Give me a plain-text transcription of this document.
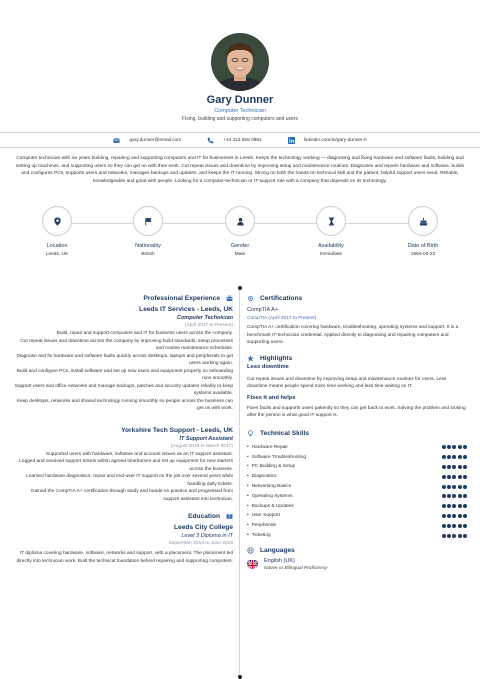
Gary Dunner
Computer Technician
Fixing, building and supporting computers and users
gary.dunner@email.com	+44 113 555 0881	linkedin.com/in/gary-dunner-it
Computer technician with six years building, repairing and supporting computers and IT for businesses in Leeds. Keeps the technology working — diagnosing and fixing hardware and software faults, building and setting up machines, and supporting users so they can get on with their work. Cut repeat issues and downtime by improving setup and maintenance routines. Diagnoses and repairs hardware and software, builds and configures PCs, supports users and networks, manages backups and updates, and keeps the IT running. Strong on both the hands-on technical skill and the patient, helpful support users need. Reliable, knowledgeable and good with people. Looking for a computer-technician or IT-support role with a company that depends on its technology.
Location
Leeds, UK
Nationality
British
Gender
Male
Availability
Immediate
Date of Birth
1994-03-22
Professional Experience
Leeds IT Services - Leeds, UK
Computer Technician
(April 2017 to Present)
Build, repair and support computers and IT for business users across the company.
Cut repeat issues and downtime across the company by improving build standards, setup processes and routine maintenance schedules.
Diagnose and fix hardware and software faults quickly across desktops, laptops and peripherals to get users working again.
Build and configure PCs, install software and set up new users and equipment properly so onboarding runs smoothly.
Support users and office networks and manage backups, patches and security updates reliably to keep systems available.
Keep desktops, networks and shared technology running smoothly so people across the business can get on with work.
Yorkshire Tech Support - Leeds, UK
IT Support Assistant
(August 2016 to March 2017)
Supported users with hardware, software and account issues as an IT support assistant.
Logged and resolved support tickets within agreed timeframes and set up equipment for new starters across the business.
Learned hardware diagnostics, repair and end-user IT support on the job over several years while handling daily tickets.
Gained the CompTIA A+ certification through study and hands-on practice and progressed from support assistant into technician.
Education
Leeds City College
Level 3 Diploma in IT
September 2014 to June 2016
IT diploma covering hardware, software, networks and support, with a placement. The placement led directly into technician work. Built the technical foundation behind repairing and supporting computers.
Certifications
CompTIA A+
CompTIA (April 2017 to Present)
CompTIA A+ certification covering hardware, troubleshooting, operating systems and support. It is a benchmark IT-technician credential. Applied directly to diagnosing and repairing computers and supporting users.
Highlights
Less downtime
Cut repeat issues and downtime by improving setup and maintenance routines for users. Less downtime means people spend more time working and less time waiting on IT.
Fixes it and helps
Fixes faults and supports users patiently so they can get back to work. Solving the problem and looking after the person is what good IT support is.
Technical Skills
• Hardware Repair
• Software Troubleshooting
• PC Building & Setup
• Diagnostics
• Networking Basics
• Operating Systems
• Backups & Updates
• User Support
• Peripherals
• Ticketing
Languages
English (UK)
Native or Bilingual Proficiency
